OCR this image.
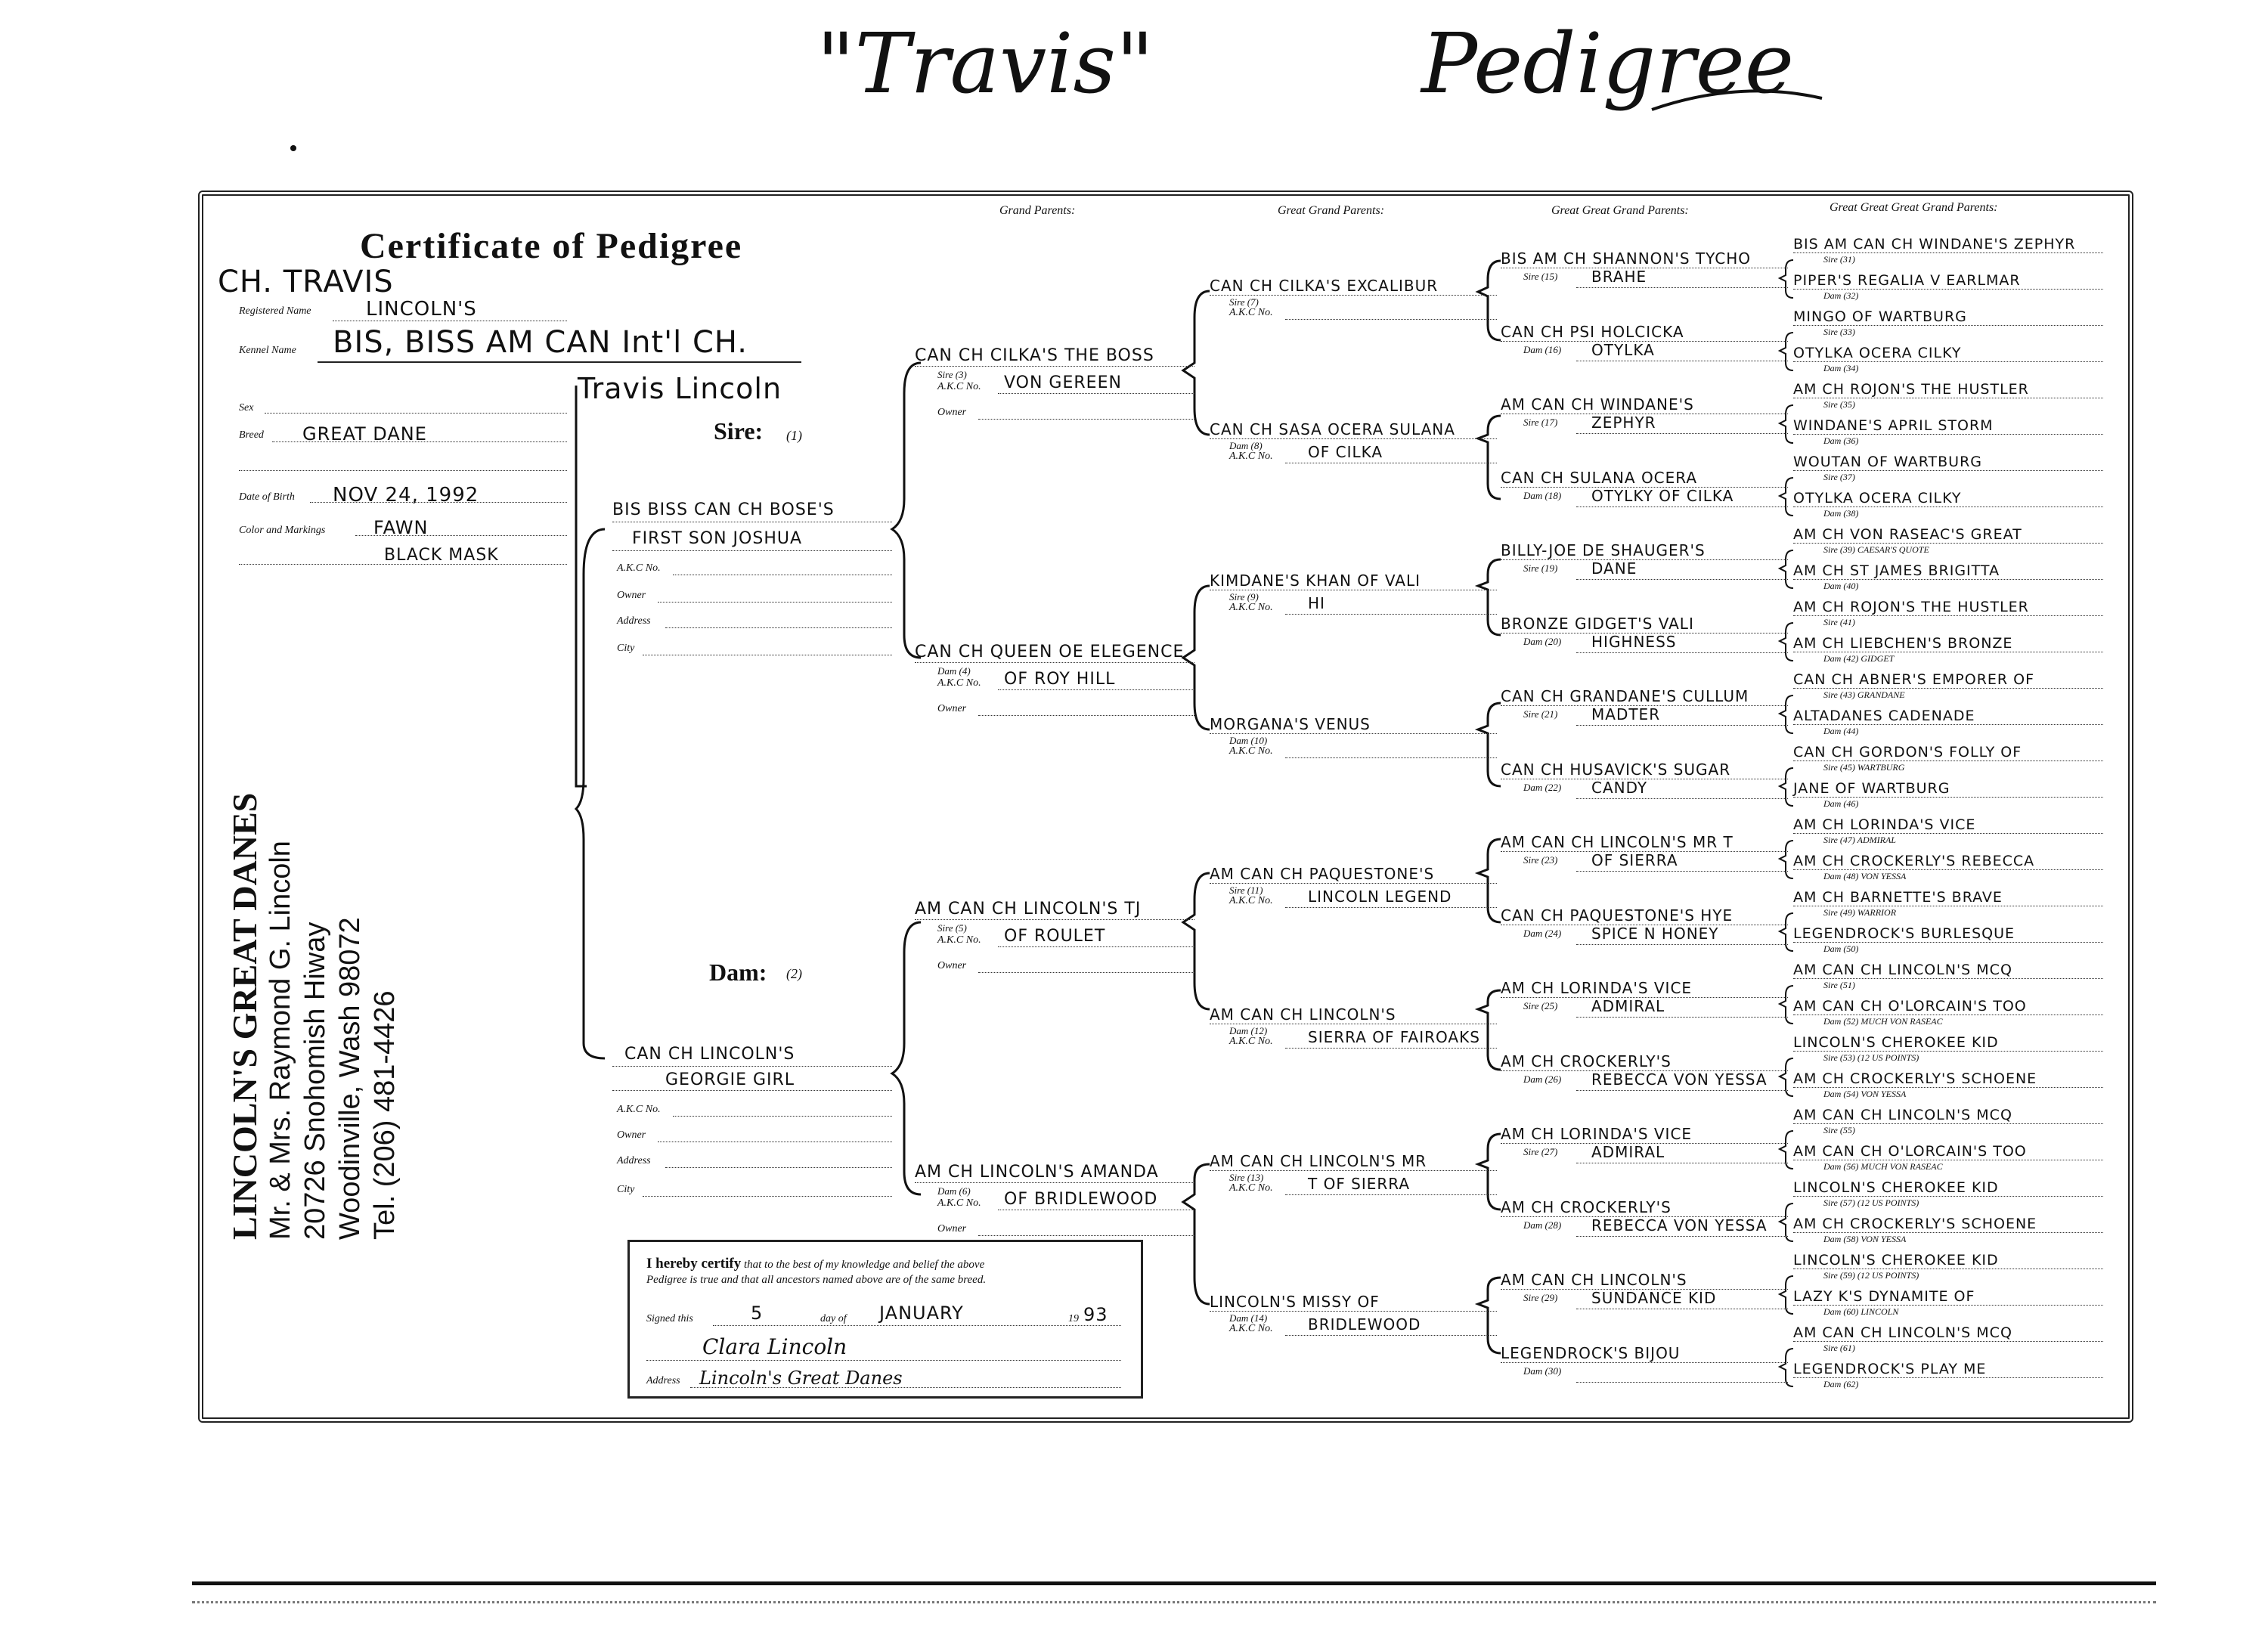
"Travis"	Pedigree
Certificate of Pedigree
CH. TRAVIS
Registered Name	LINCOLN'S
Kennel Name BIS, BISS AM CAN Int'l CH.
Travis Lincoln
Sex
Breed GREAT DANE
Date of Birth NOV 24, 1992
Color and Markings	FAWN
BLACK MASK
Grand Parents:	Great Grand Parents:	Great Great Grand Parents:	Great Great Great Grand Parents:
Sire: (1)
Dam: (2)
BIS BISS CAN CH BOSE'S
FIRST SON JOSHUA
A.K.C No.
Owner
Address
City
CAN CH LINCOLN'S
GEORGIE GIRL
A.K.C No.
Owner
Address
City
CAN CH CILKA'S THE BOSS
Sire (3)
A.K.C No. VON GEREEN
Owner
CAN CH QUEEN OE ELEGENCE
Dam (4)
A.K.C No. OF ROY HILL
Owner
AM CAN CH LINCOLN'S TJ
Sire (5)
A.K.C No. OF ROULET
Owner
AM CH LINCOLN'S AMANDA
Dam (6)
A.K.C No. OF BRIDLEWOOD
Owner
CAN CH CILKA'S EXCALIBUR
Sire (7)
A.K.C No.
CAN CH SASA OCERA SULANA
Dam (8)
A.K.C No. OF CILKA
KIMDANE'S KHAN OF VALI
Sire (9)
A.K.C No. HI
MORGANA'S VENUS
Dam (10)
A.K.C No.
AM CAN CH PAQUESTONE'S
Sire (11)
A.K.C No. LINCOLN LEGEND
AM CAN CH LINCOLN'S
Dam (12)
A.K.C No. SIERRA OF FAIROAKS
AM CAN CH LINCOLN'S MR
Sire (13)
A.K.C No. T OF SIERRA
LINCOLN'S MISSY OF
Dam (14)
A.K.C No. BRIDLEWOOD
BIS AM CH SHANNON'S TYCHO
Sire (15) BRAHE
CAN CH PSI HOLCICKA
Dam (16) OTYLKA
AM CAN CH WINDANE'S
Sire (17) ZEPHYR
CAN CH SULANA OCERA
Dam (18) OTYLKY OF CILKA
BILLY-JOE DE SHAUGER'S
Sire (19) DANE
BRONZE GIDGET'S VALI
Dam (20) HIGHNESS
CAN CH GRANDANE'S CULLUM
Sire (21) MADTER
CAN CH HUSAVICK'S SUGAR
Dam (22) CANDY
AM CAN CH LINCOLN'S MR T
Sire (23) OF SIERRA
CAN CH PAQUESTONE'S HYE
Dam (24) SPICE N HONEY
AM CH LORINDA'S VICE
Sire (25) ADMIRAL
AM CH CROCKERLY'S
Dam (26) REBECCA VON YESSA
AM CH LORINDA'S VICE
Sire (27) ADMIRAL
AM CH CROCKERLY'S
Dam (28) REBECCA VON YESSA
AM CAN CH LINCOLN'S
Sire (29) SUNDANCE KID
LEGENDROCK'S BIJOU
Dam (30)
BIS AM CAN CH WINDANE'S ZEPHYR
Sire (31)
PIPER'S REGALIA V EARLMAR
Dam (32)
MINGO OF WARTBURG
Sire (33)
OTYLKA OCERA CILKY
Dam (34)
AM CH ROJON'S THE HUSTLER
Sire (35)
WINDANE'S APRIL STORM
Dam (36)
WOUTAN OF WARTBURG
Sire (37)
OTYLKA OCERA CILKY
Dam (38)
AM CH VON RASEAC'S GREAT
Sire (39) CAESAR'S QUOTE
AM CH ST JAMES BRIGITTA
Dam (40)
AM CH ROJON'S THE HUSTLER
Sire (41)
AM CH LIEBCHEN'S BRONZE
Dam (42) GIDGET
CAN CH ABNER'S EMPORER OF
Sire (43) GRANDANE
ALTADANES CADENADE
Dam (44)
CAN CH GORDON'S FOLLY OF
Sire (45) WARTBURG
JANE OF WARTBURG
Dam (46)
AM CH LORINDA'S VICE
Sire (47) ADMIRAL
AM CH CROCKERLY'S REBECCA
Dam (48) VON YESSA
AM CH BARNETTE'S BRAVE
Sire (49) WARRIOR
LEGENDROCK'S BURLESQUE
Dam (50)
AM CAN CH LINCOLN'S MCQ
Sire (51)
AM CAN CH O'LORCAIN'S TOO
Dam (52) MUCH VON RASEAC
LINCOLN'S CHEROKEE KID
Sire (53) (12 US POINTS)
AM CH CROCKERLY'S SCHOENE
Dam (54) VON YESSA
AM CAN CH LINCOLN'S MCQ
Sire (55)
AM CAN CH O'LORCAIN'S TOO
Dam (56) MUCH VON RASEAC
LINCOLN'S CHEROKEE KID
Sire (57) (12 US POINTS)
AM CH CROCKERLY'S SCHOENE
Dam (58) VON YESSA
LINCOLN'S CHEROKEE KID
Sire (59) (12 US POINTS)
LAZY K'S DYNAMITE OF
Dam (60) LINCOLN
AM CAN CH LINCOLN'S MCQ
Sire (61)
LEGENDROCK'S PLAY ME
Dam (62)
LINCOLN'S GREAT DANES Mr. & Mrs. Raymond G. Lincoln 20726 Snohomish Hiway Woodinville, Wash 98072 Tel. (206) 481-4426
I hereby certify that to the best of my knowledge and belief the above
Pedigree is true and that all ancestors named above are of the same breed.
Signed this	5	day of JANUARY	19 93
Clara Lincoln
Address Lincoln's Great Danes
